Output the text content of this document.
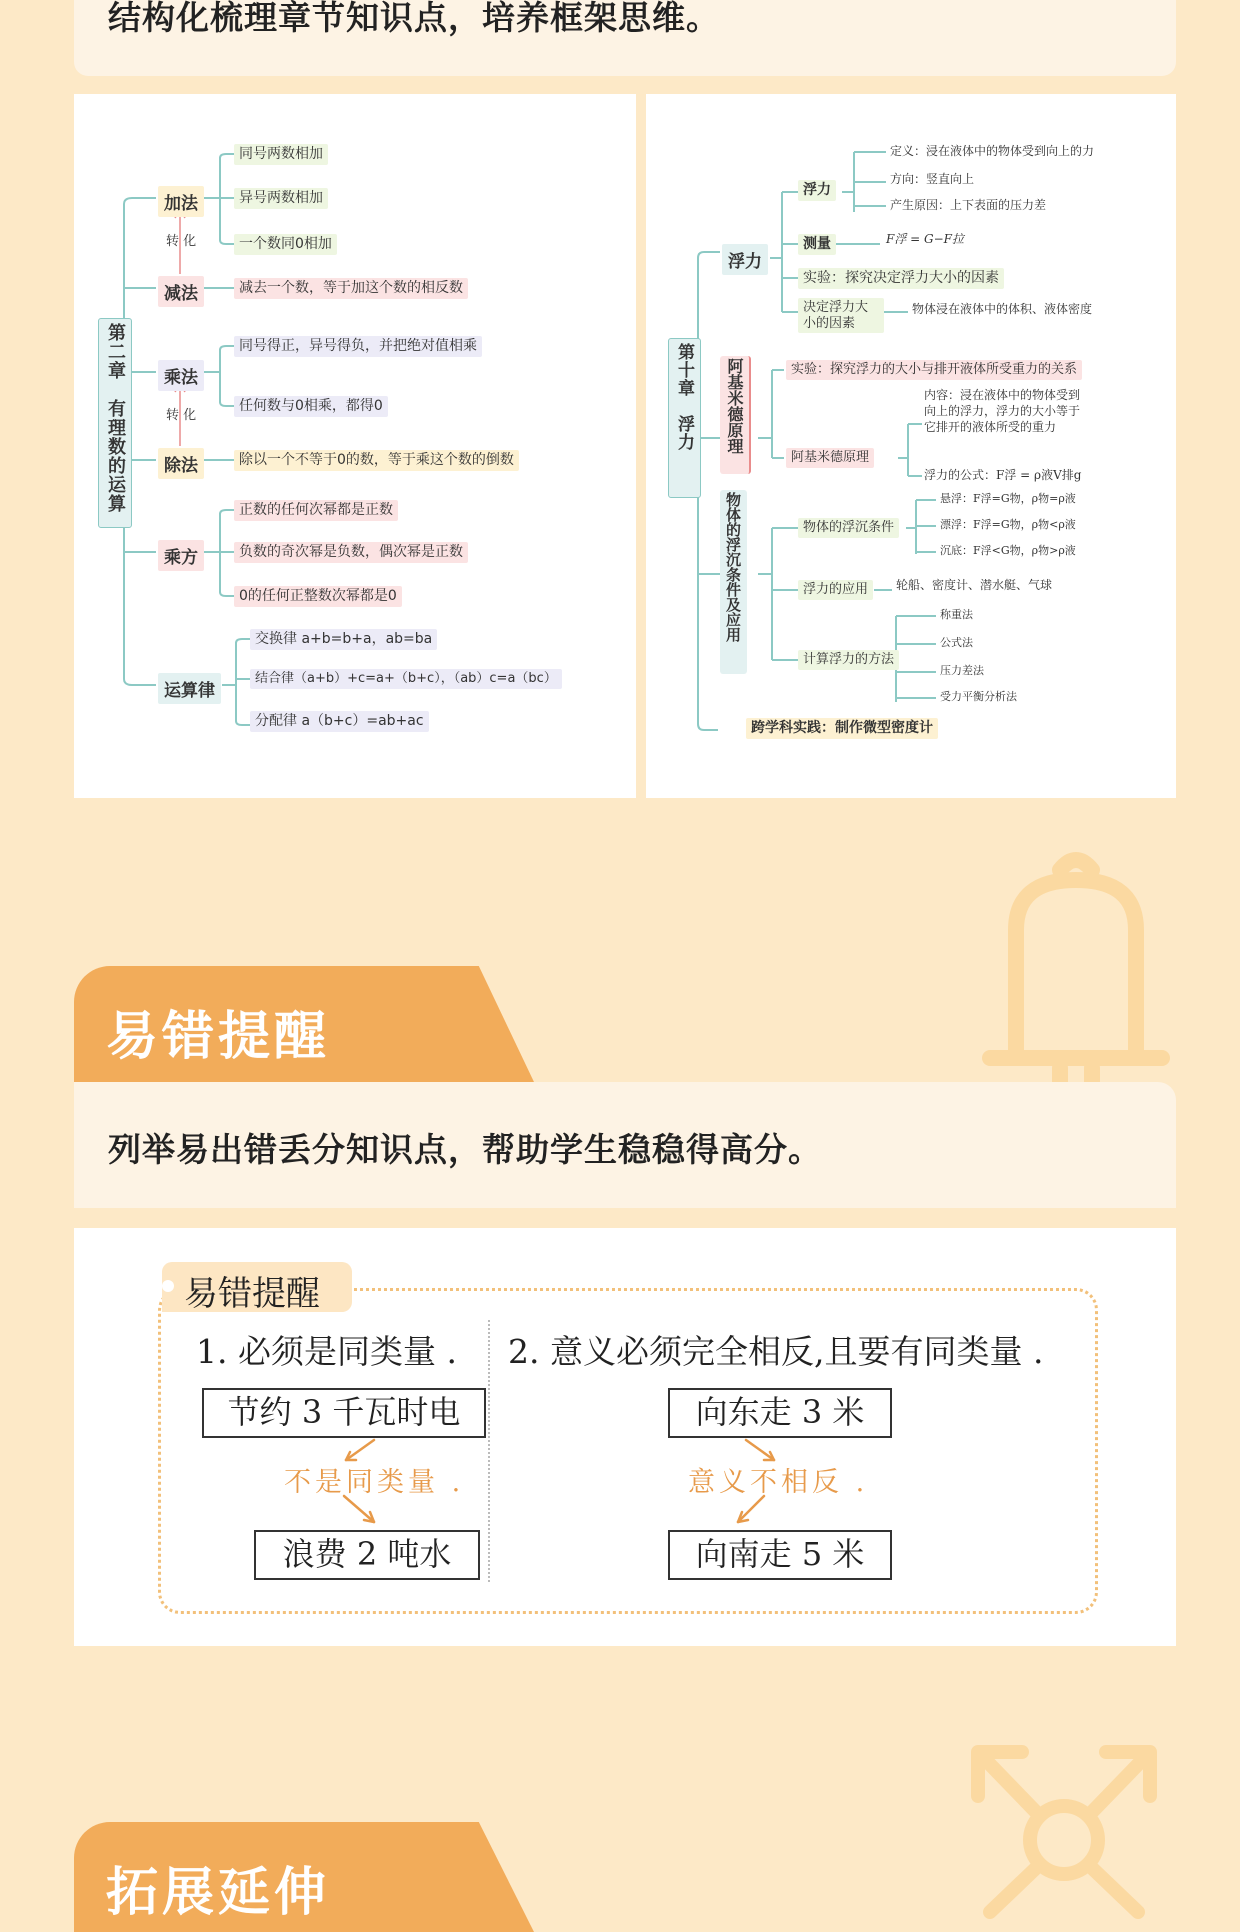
结构化梳理章节知识点，培养框架思维。
第二章　有理数的运算
加法
转 化
减法
乘法
转 化
除法
乘方
运算律
同号两数相加
异号两数相加
一个数同0相加
减去一个数，等于加这个数的相反数
同号得正，异号得负，并把绝对值相乘
任何数与0相乘，都得0
除以一个不等于0的数，等于乘这个数的倒数
正数的任何次幂都是正数
负数的奇次幂是负数，偶次幂是正数
0的任何正整数次幂都是0
交换律 a+b=b+a，ab=ba
结合律（a+b）+c=a+（b+c），（ab）c=a（bc）
分配律 a（b+c）=ab+ac
第十章　浮力
浮力
阿基米德原理
物体的浮沉条件及应用
跨学科实践：制作微型密度计
浮力
定义：浸在液体中的物体受到向上的力
方向：竖直向上
产生原因：上下表面的压力差
测量	F浮 = G−F拉
实验：探究决定浮力大小的因素
决定浮力大小的因素
物体浸在液体中的体积、液体密度
实验：探究浮力的大小与排开液体所受重力的关系
阿基米德原理
内容：浸在液体中的物体受到
向上的浮力，浮力的大小等于
它排开的液体所受的重力
浮力的公式：F浮 = ρ液V排g
物体的浮沉条件
悬浮：F浮=G物，ρ物=ρ液
漂浮：F浮=G物，ρ物<ρ液
沉底：F浮<G物，ρ物>ρ液
浮力的应用	轮船、密度计、潜水艇、气球
计算浮力的方法
称重法
公式法
压力差法
受力平衡分析法
易错提醒
列举易出错丢分知识点，帮助学生稳稳得高分。
易错提醒
1. 必须是同类量 . 2. 意义必须完全相反,且要有同类量 .
节约 3 千瓦时电
不是同类量 .
浪费 2 吨水
向东走 3 米
意义不相反 .
向南走 5 米
拓展延伸
